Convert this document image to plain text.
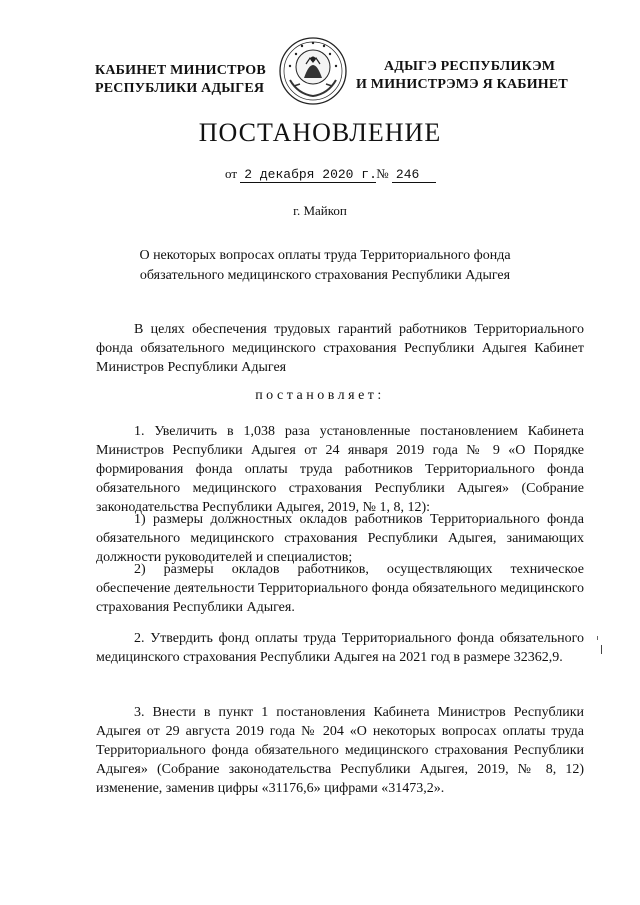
КАБИНЕТ МИНИСТРОВ
РЕСПУБЛИКИ АДЫГЕЯ
АДЫГЭ РЕСПУБЛИКЭМ
И МИНИСТРЭМЭ Я КАБИНЕТ
ПОСТАНОВЛЕНИЕ
от 2 декабря 2020 г.№ 246
г. Майкоп
О некоторых вопросах оплаты труда Территориального фонда
обязательного медицинского страхования Республики Адыгея

В целях обеспечения трудовых гарантий работников Территориального фонда обязательного медицинского страхования Республики Адыгея Кабинет Министров Республики Адыгея

постановляет:

1. Увеличить в 1,038 раза установленные постановлением Кабинета Министров Республики Адыгея от 24 января 2019 года № 9 «О Порядке формирования фонда оплаты труда работников Территориального фонда обязательного медицинского страхования Республики Адыгея» (Собрание законодательства Республики Адыгея, 2019, № 1, 8, 12):

1) размеры должностных окладов работников Территориального фонда обязательного медицинского страхования Республики Адыгея, занимающих должности руководителей и специалистов;

2) размеры окладов работников, осуществляющих техническое обеспечение деятельности Территориального фонда обязательного медицинского страхования Республики Адыгея.

2. Утвердить фонд оплаты труда Территориального фонда обязательного медицинского страхования Республики Адыгея на 2021 год в размере 32362,9.

3. Внести в пункт 1 постановления Кабинета Министров Республики Адыгея от 29 августа 2019 года № 204 «О некоторых вопросах оплаты труда Территориального фонда обязательного медицинского страхования Республики Адыгея» (Собрание законодательства Республики Адыгея, 2019, № 8, 12) изменение, заменив цифры «31176,6» цифрами «31473,2».
